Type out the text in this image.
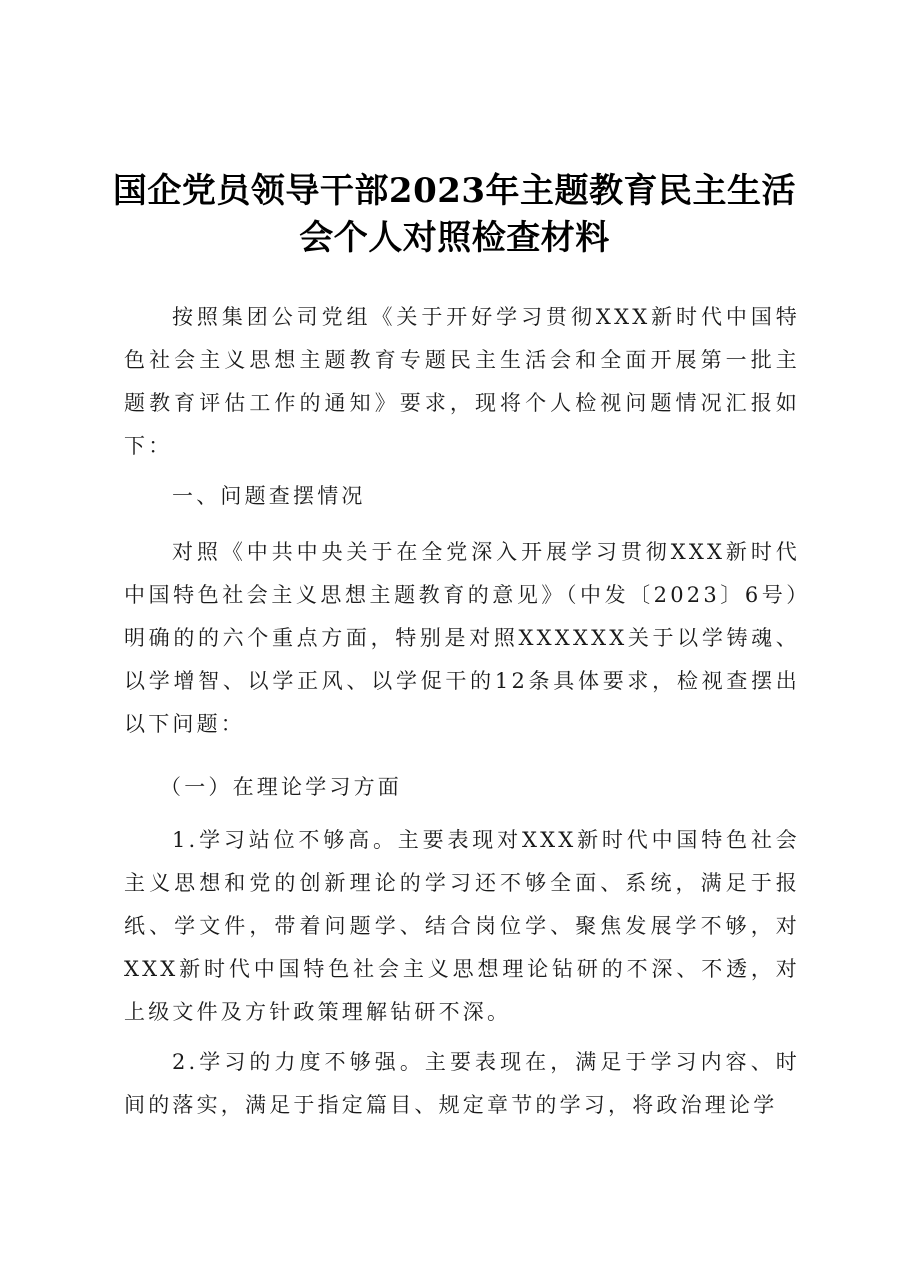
国企党员领导干部2023年主题教育民主生活会个人对照检查材料

按照集团公司党组《关于开好学习贯彻XXX新时代中国特色社会主义思想主题教育专题民主生活会和全面开展第一批主题教育评估工作的通知》要求，现将个人检视问题情况汇报如下：

一、问题查摆情况

对照《中共中央关于在全党深入开展学习贯彻XXX新时代中国特色社会主义思想主题教育的意见》（中发〔2023〕6号）明确的的六个重点方面，特别是对照XXXXXX关于以学铸魂、以学增智、以学正风、以学促干的12条具体要求，检视查摆出以下问题：

（一）在理论学习方面

1.学习站位不够高。主要表现对XXX新时代中国特色社会主义思想和党的创新理论的学习还不够全面、系统，满足于报纸、学文件，带着问题学、结合岗位学、聚焦发展学不够，对XXX新时代中国特色社会主义思想理论钻研的不深、不透，对上级文件及方针政策理解钻研不深。

2.学习的力度不够强。主要表现在，满足于学习内容、时间的落实，满足于指定篇目、规定章节的学习，将政治理论学
